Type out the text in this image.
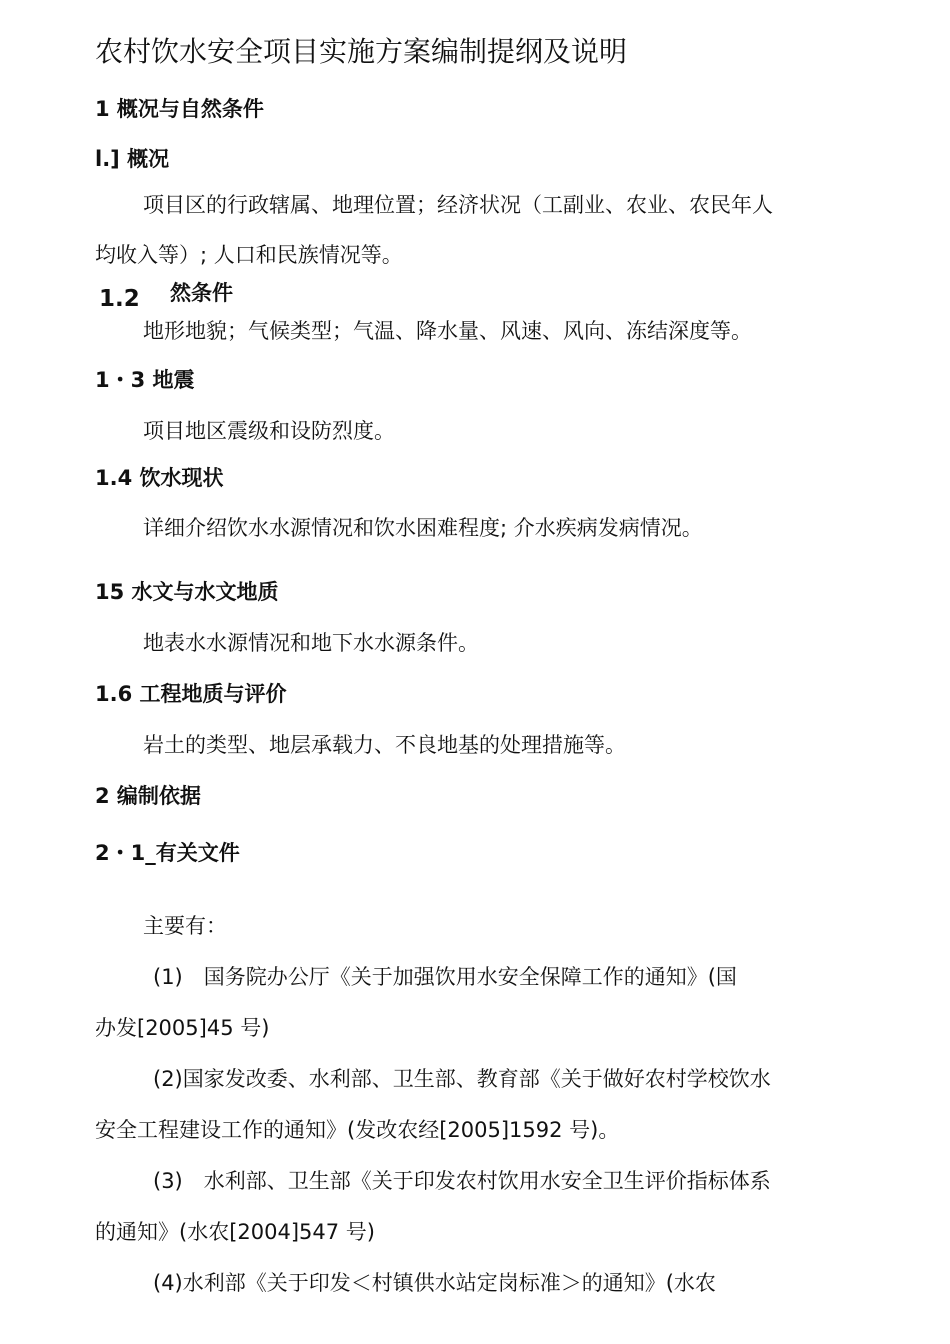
农村饮水安全项目实施方案编制提纲及说明
1 概况与自然条件
l.] 概况
项目区的行政辖属、地理位置；经济状况（工副业、农业、农民年人
均收入等）; 人口和民族情况等。
1.2 然条件
地形地貌；气候类型；气温、降水量、风速、风向、冻结深度等。
1・3 地震
项目地区震级和设防烈度。
1.4 饮水现状
详细介绍饮水水源情况和饮水困难程度; 介水疾病发病情况。
15 水文与水文地质
地表水水源情况和地下水水源条件。
1.6 工程地质与评价
岩土的类型、地层承载力、不良地基的处理措施等。
2 编制依据
2・1_有关文件
主要有：
(1)　国务院办公厅《关于加强饮用水安全保障工作的通知》(国
办发[2005]45 号)
(2)国家发改委、水利部、卫生部、教育部《关于做好农村学校饮水
安全工程建设工作的通知》(发改农经[2005]1592 号)。
(3)　水利部、卫生部《关于印发农村饮用水安全卫生评价指标体系
的通知》(水农[2004]547 号)
(4)水利部《关于印发＜村镇供水站定岗标准＞的通知》(水农
